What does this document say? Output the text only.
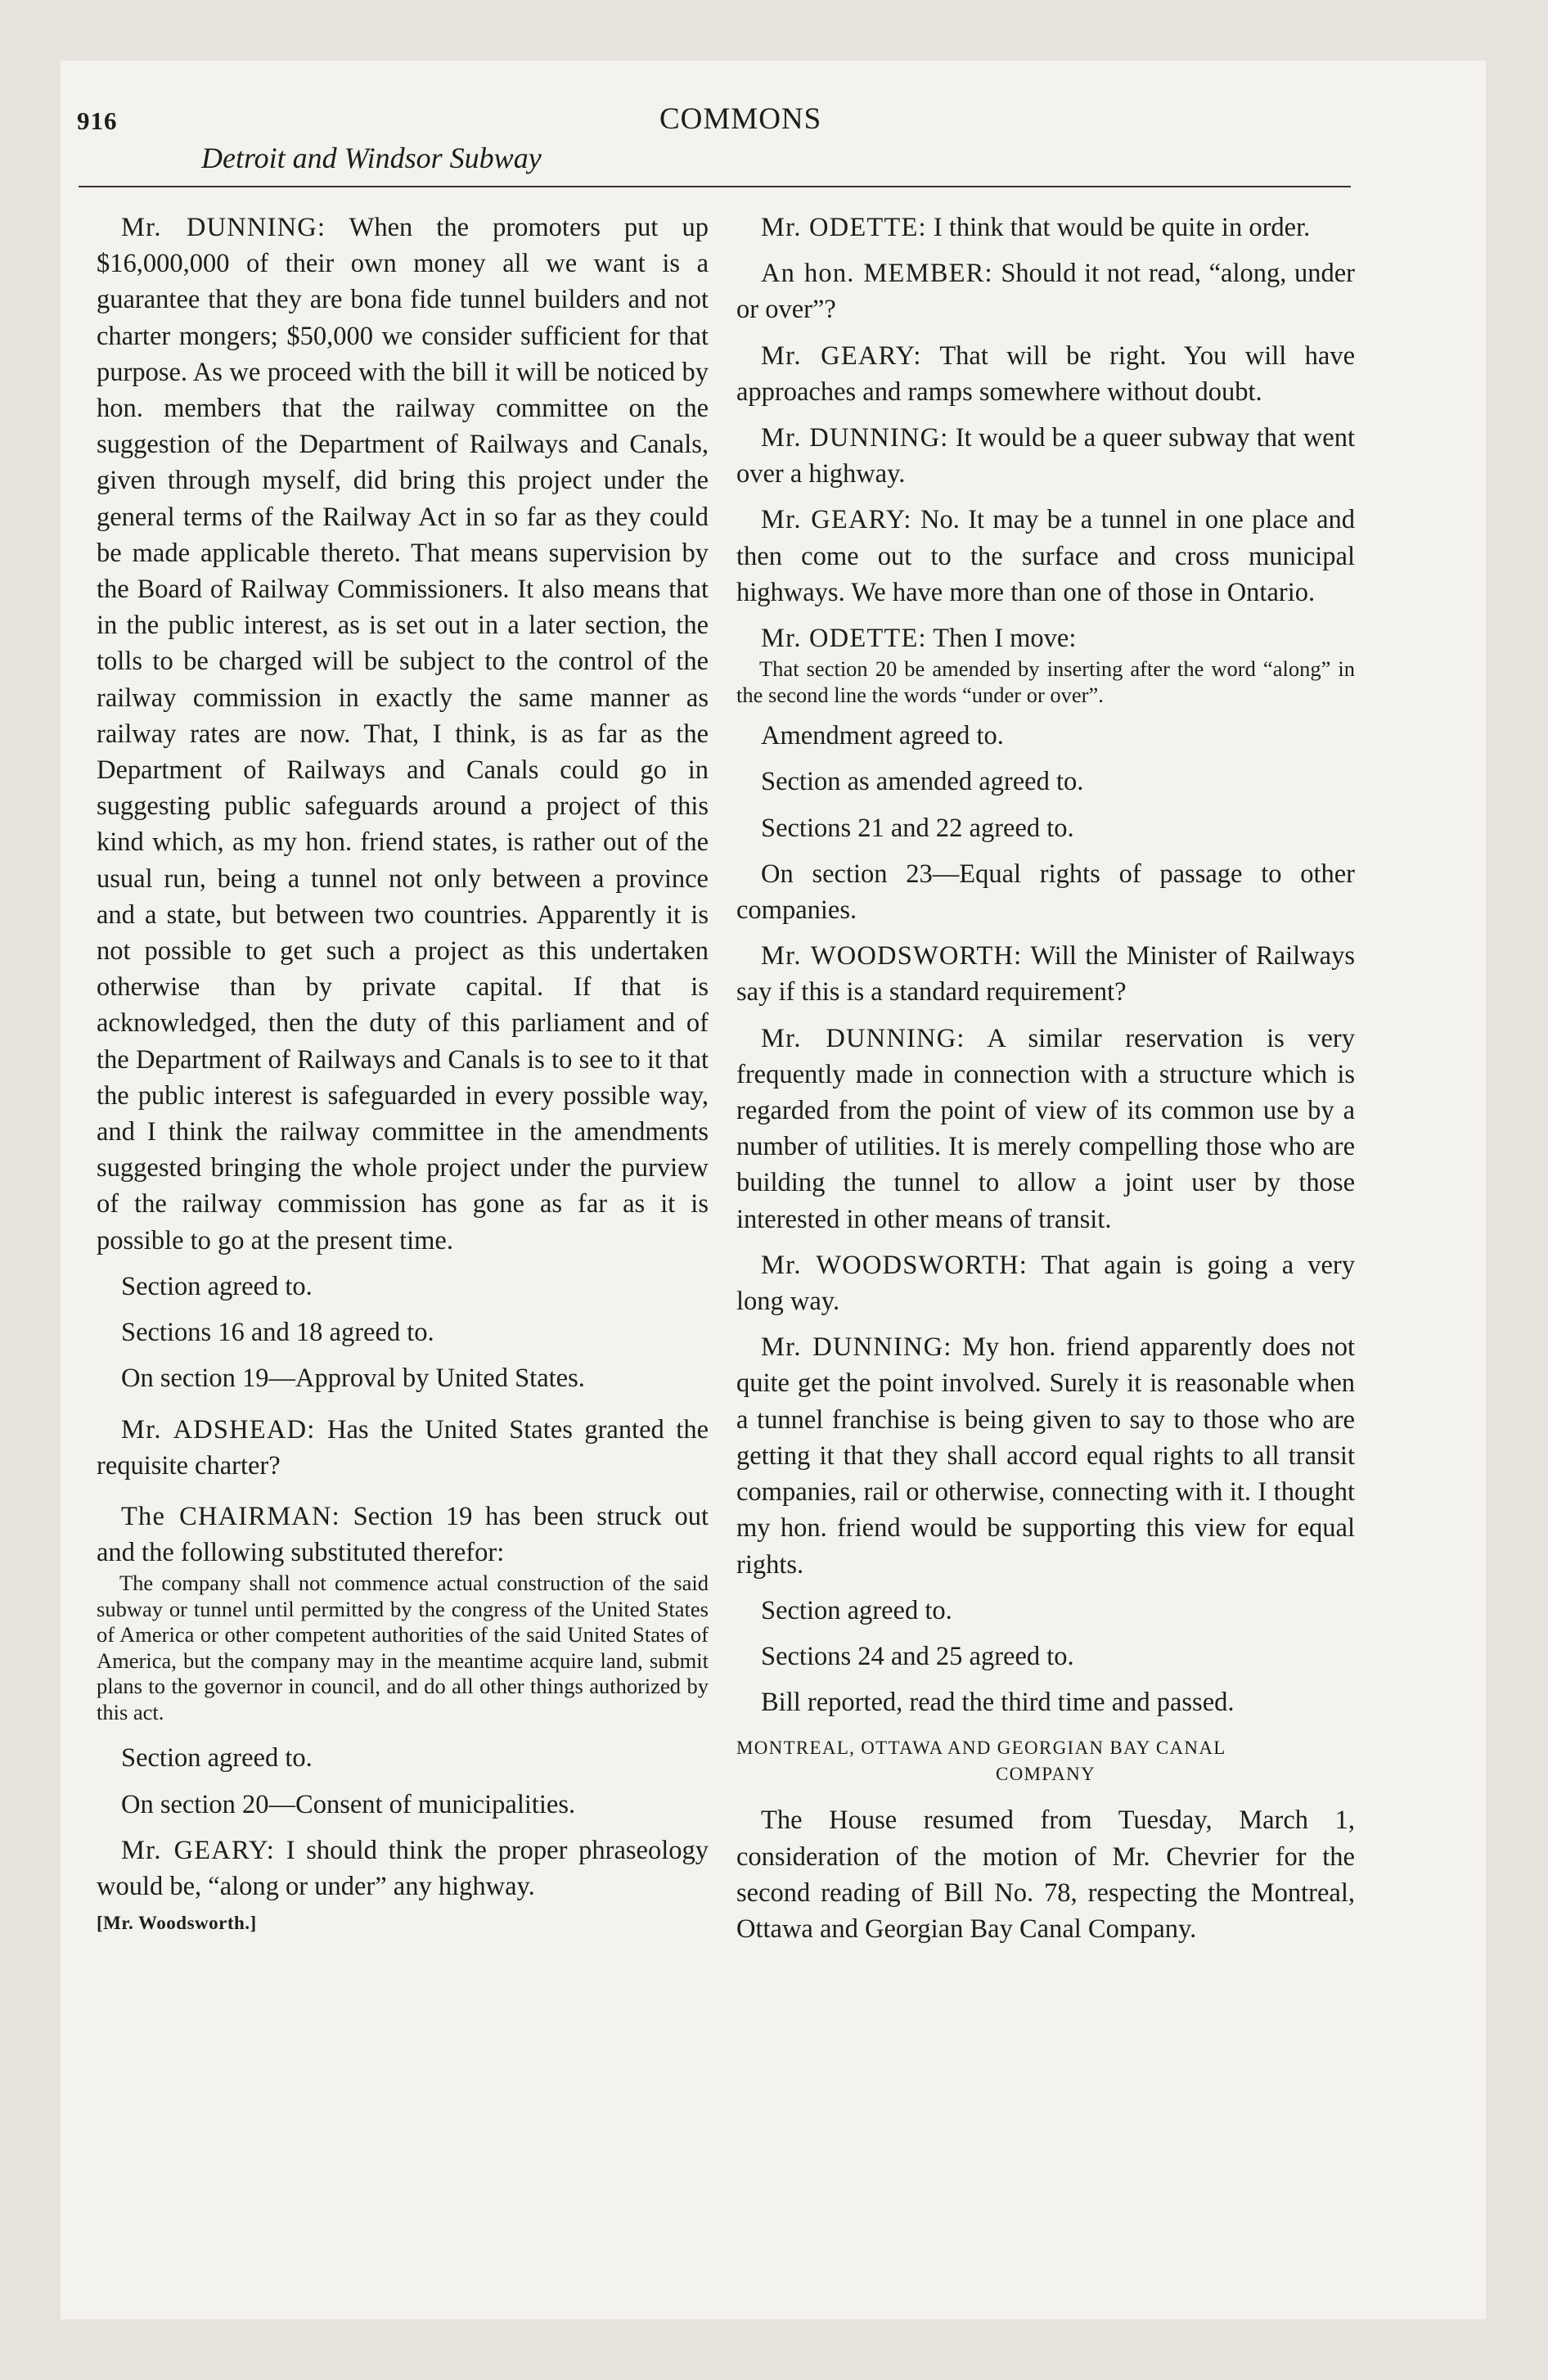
916	COMMONS
Detroit and Windsor Subway

Mr. DUNNING: When the promoters put up $16,000,000 of their own money all we want is a guarantee that they are bona fide tunnel builders and not charter mongers; $50,000 we consider sufficient for that purpose. As we proceed with the bill it will be noticed by hon. members that the railway committee on the suggestion of the Department of Railways and Canals, given through myself, did bring this project under the general terms of the Railway Act in so far as they could be made applicable thereto. That means supervision by the Board of Railway Commissioners. It also means that in the public interest, as is set out in a later section, the tolls to be charged will be subject to the control of the railway commission in exactly the same manner as railway rates are now. That, I think, is as far as the Department of Railways and Canals could go in suggesting public safeguards around a project of this kind which, as my hon. friend states, is rather out of the usual run, being a tunnel not only between a province and a state, but between two countries. Apparently it is not possible to get such a project as this undertaken otherwise than by private capital. If that is acknowledged, then the duty of this parliament and of the Department of Railways and Canals is to see to it that the public interest is safeguarded in every possible way, and I think the railway committee in the amendments suggested bringing the whole project under the purview of the railway commission has gone as far as it is possible to go at the present time.

Section agreed to.

Sections 16 and 18 agreed to.

On section 19—Approval by United States.

Mr. ADSHEAD: Has the United States granted the requisite charter?

The CHAIRMAN: Section 19 has been struck out and the following substituted therefor:

The company shall not commence actual construction of the said subway or tunnel until permitted by the congress of the United States of America or other competent authorities of the said United States of America, but the company may in the meantime acquire land, submit plans to the governor in council, and do all other things authorized by this act.

Section agreed to.

On section 20—Consent of municipalities.

Mr. GEARY: I should think the proper phraseology would be, “along or under” any highway.

[Mr. Woodsworth.]

Mr. ODETTE: I think that would be quite in order.

An hon. MEMBER: Should it not read, “along, under or over”?

Mr. GEARY: That will be right. You will have approaches and ramps somewhere without doubt.

Mr. DUNNING: It would be a queer subway that went over a highway.

Mr. GEARY: No. It may be a tunnel in one place and then come out to the surface and cross municipal highways. We have more than one of those in Ontario.

Mr. ODETTE: Then I move:

That section 20 be amended by inserting after the word “along” in the second line the words “under or over”.

Amendment agreed to.

Section as amended agreed to.

Sections 21 and 22 agreed to.

On section 23—Equal rights of passage to other companies.

Mr. WOODSWORTH: Will the Minister of Railways say if this is a standard requirement?

Mr. DUNNING: A similar reservation is very frequently made in connection with a structure which is regarded from the point of view of its common use by a number of utilities. It is merely compelling those who are building the tunnel to allow a joint user by those interested in other means of transit.

Mr. WOODSWORTH: That again is going a very long way.

Mr. DUNNING: My hon. friend apparently does not quite get the point involved. Surely it is reasonable when a tunnel franchise is being given to say to those who are getting it that they shall accord equal rights to all transit companies, rail or otherwise, connecting with it. I thought my hon. friend would be supporting this view for equal rights.

Section agreed to.

Sections 24 and 25 agreed to.

Bill reported, read the third time and passed.

MONTREAL, OTTAWA AND GEORGIAN BAY CANAL

COMPANY

The House resumed from Tuesday, March 1, consideration of the motion of Mr. Chevrier for the second reading of Bill No. 78, respecting the Montreal, Ottawa and Georgian Bay Canal Company.
